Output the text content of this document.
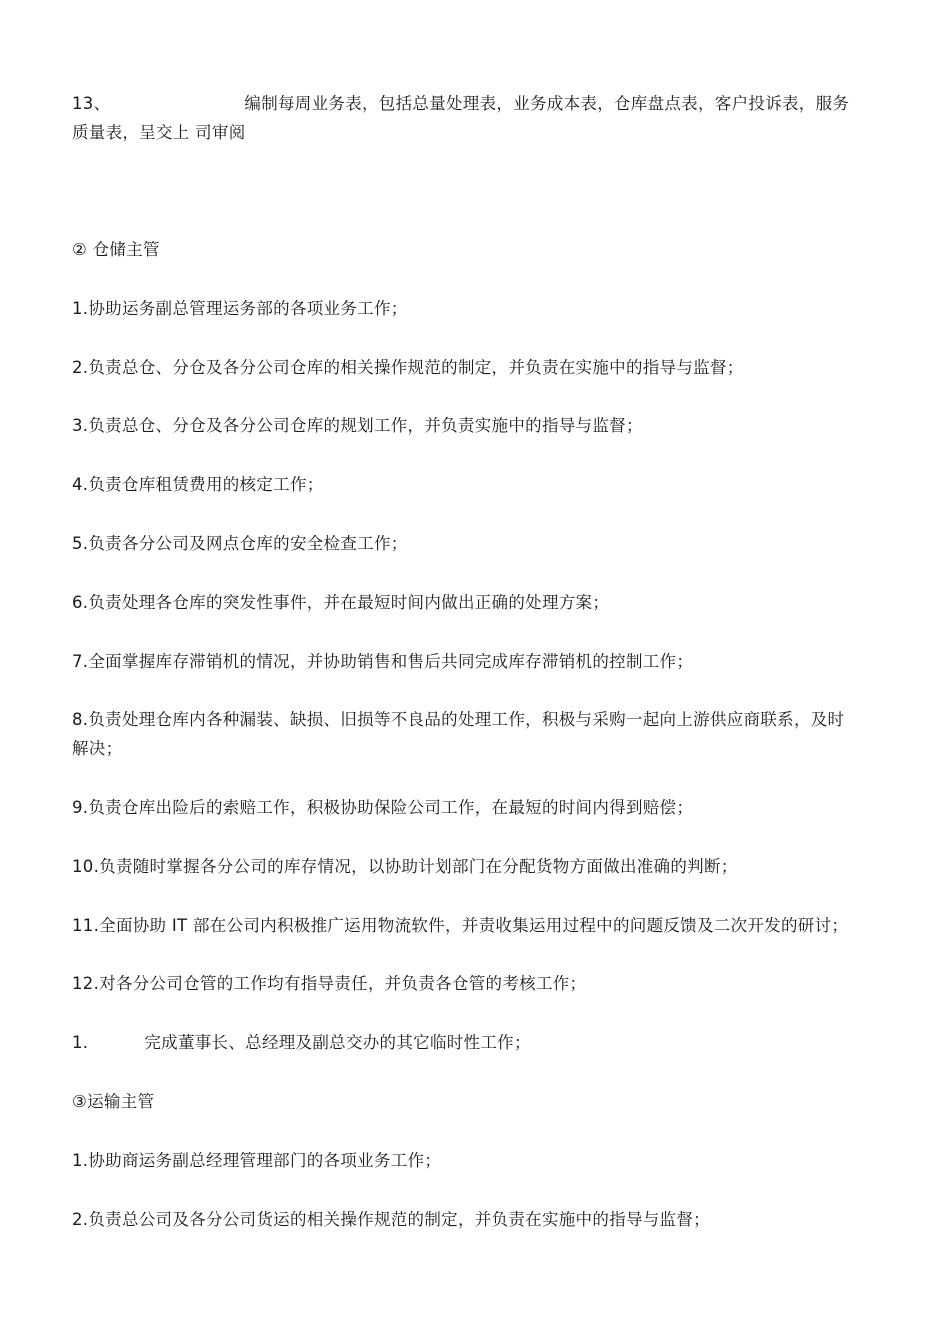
13、	编制每周业务表，包括总量处理表，业务成本表，仓库盘点表，客户投诉表，服务
质量表，呈交上 司审阅
② 仓储主管
1.协助运务副总管理运务部的各项业务工作；
2.负责总仓、分仓及各分公司仓库的相关操作规范的制定，并负责在实施中的指导与监督；
3.负责总仓、分仓及各分公司仓库的规划工作，并负责实施中的指导与监督；
4.负责仓库租赁费用的核定工作；
5.负责各分公司及网点仓库的安全检查工作；
6.负责处理各仓库的突发性事件，并在最短时间内做出正确的处理方案；
7.全面掌握库存滞销机的情况，并协助销售和售后共同完成库存滞销机的控制工作；
8.负责处理仓库内各种漏装、缺损、旧损等不良品的处理工作，积极与采购一起向上游供应商联系，及时
解决；
9.负责仓库出险后的索赔工作，积极协助保险公司工作，在最短的时间内得到赔偿；
10.负责随时掌握各分公司的库存情况，以协助计划部门在分配货物方面做出准确的判断；
11.全面协助 IT 部在公司内积极推广运用物流软件，并责收集运用过程中的问题反馈及二次开发的研讨；
12.对各分公司仓管的工作均有指导责任，并负责各仓管的考核工作；
1.	完成董事长、总经理及副总交办的其它临时性工作；
③运输主管
1.协助商运务副总经理管理部门的各项业务工作；
2.负责总公司及各分公司货运的相关操作规范的制定，并负责在实施中的指导与监督；
